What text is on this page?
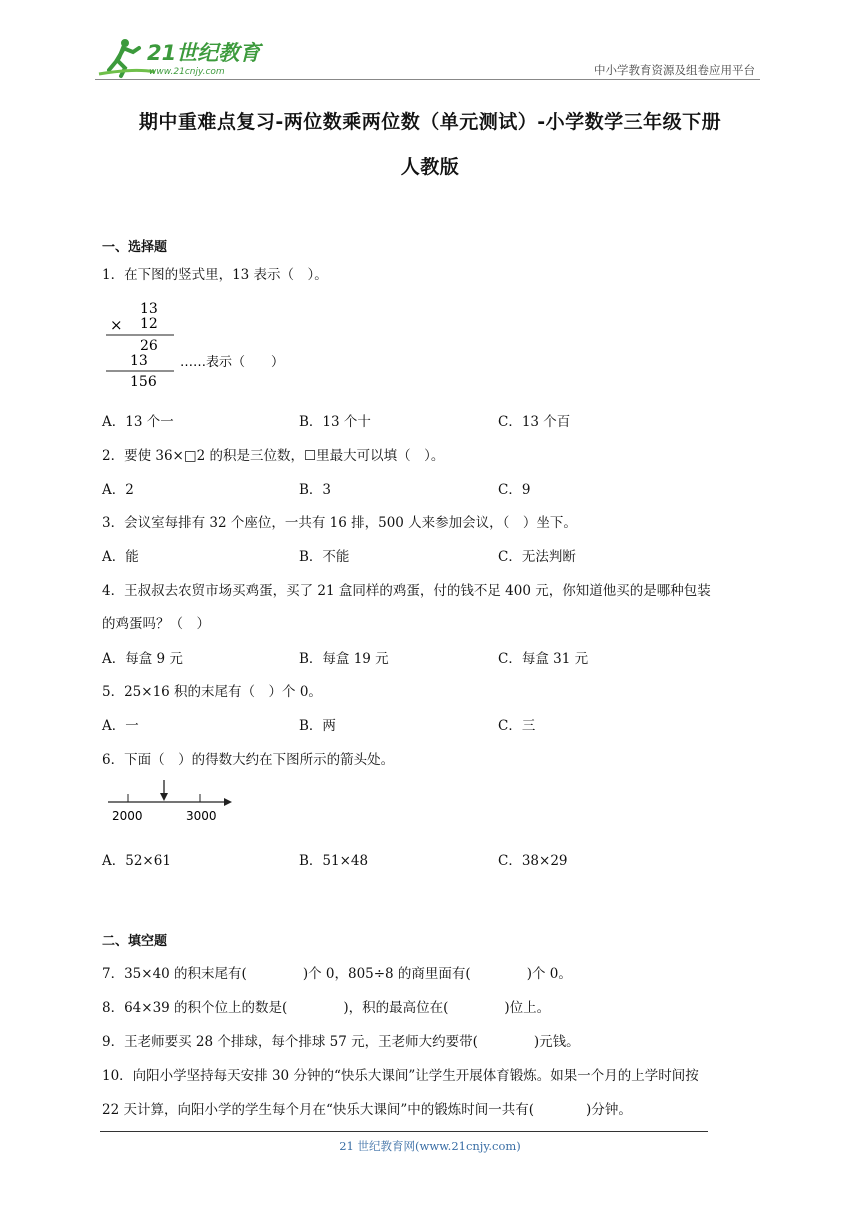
21世纪教育
www.21cnjy.com	中小学教育资源及组卷应用平台
期中重难点复习-两位数乘两位数（单元测试）-小学数学三年级下册
人教版
一、选择题
1．在下图的竖式里，13 表示（　）。
13
× 12
26
13 ……表示（　　）
156
A．13 个一	B．13 个十	C．13 个百
2．要使 36×□2 的积是三位数，☐里最大可以填（　）。
A．2	B．3	C．9
3．会议室每排有 32 个座位，一共有 16 排，500 人来参加会议，（　）坐下。
A．能	B．不能	C．无法判断
4．王叔叔去农贸市场买鸡蛋，买了 21 盒同样的鸡蛋，付的钱不足 400 元，你知道他买的是哪种包装
的鸡蛋吗？（　）
A．每盒 9 元	B．每盒 19 元	C．每盒 31 元
5．25×16 积的末尾有（　）个 0。
A．一	B．两	C．三
6．下面（　）的得数大约在下图所示的箭头处。
2000	3000
A．52×61	B．51×48	C．38×29
二、填空题
7．35×40 的积末尾有(	)个 0，805÷8 的商里面有(	)个 0。
8．64×39 的积个位上的数是(	)，积的最高位在(	)位上。
9．王老师要买 28 个排球，每个排球 57 元，王老师大约要带(	)元钱。
10．向阳小学坚持每天安排 30 分钟的“快乐大课间”让学生开展体育锻炼。如果一个月的上学时间按
22 天计算，向阳小学的学生每个月在“快乐大课间”中的锻炼时间一共有(	)分钟。
21 世纪教育网(www.21cnjy.com)
